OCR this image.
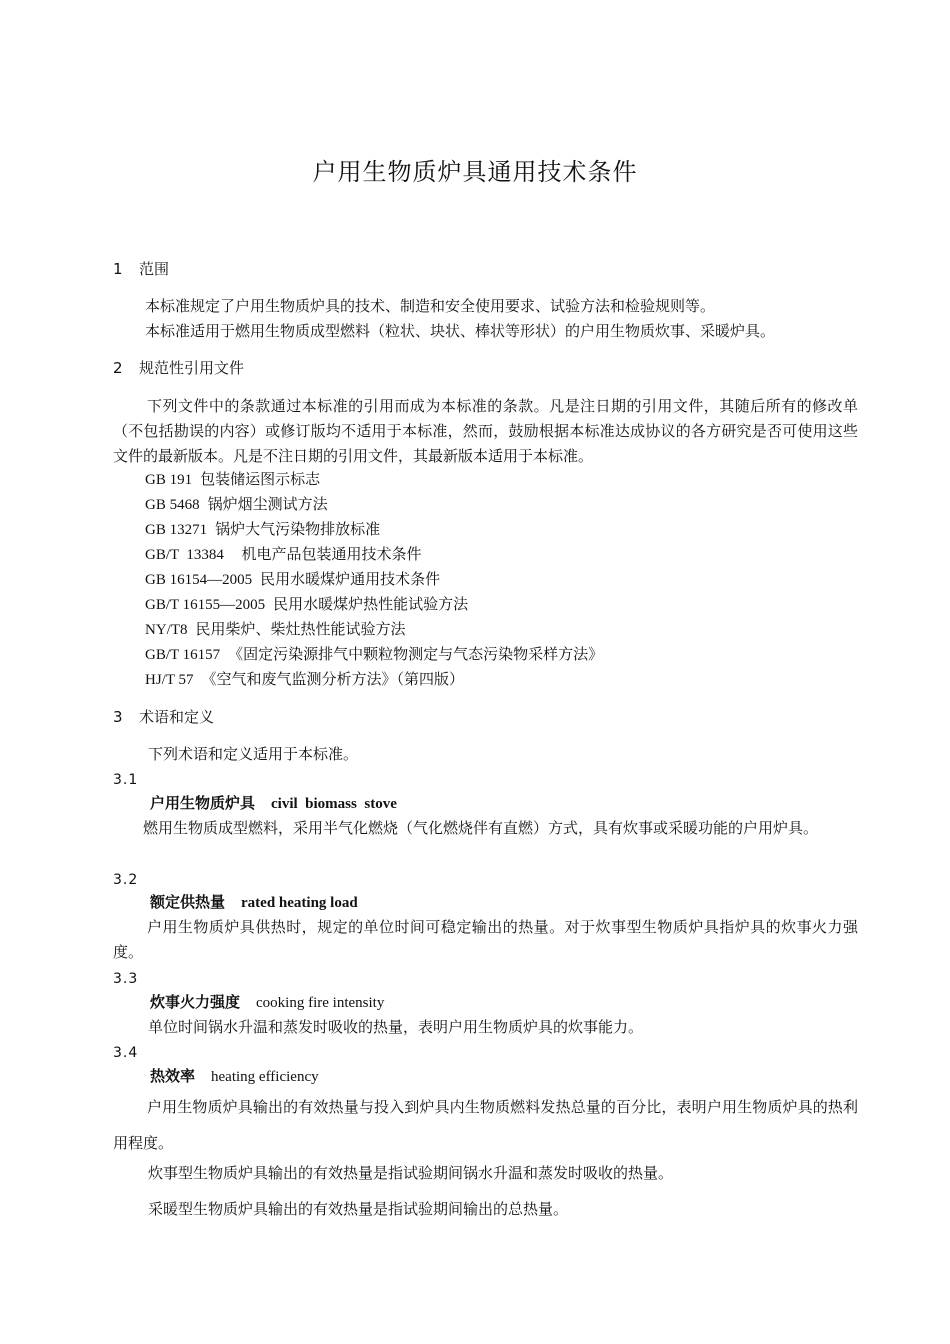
户用生物质炉具通用技术条件
1 范围
本标准规定了户用生物质炉具的技术、制造和安全使用要求、试验方法和检验规则等。
本标准适用于燃用生物质成型燃料（粒状、块状、棒状等形状）的户用生物质炊事、采暖炉具。
2 规范性引用文件
下列文件中的条款通过本标准的引用而成为本标准的条款。凡是注日期的引用文件，其随后所有的修改单（不包括勘误的内容）或修订版均不适用于本标准，然而，鼓励根据本标准达成协议的各方研究是否可使用这些文件的最新版本。凡是不注日期的引用文件，其最新版本适用于本标准。
GB 191 包装储运图示标志
GB 5468 锅炉烟尘测试方法
GB 13271 锅炉大气污染物排放标准
GB/T  13384  机电产品包装通用技术条件
GB 16154—2005 民用水暖煤炉通用技术条件
GB/T 16155—2005 民用水暖煤炉热性能试验方法
NY/T8 民用柴炉、柴灶热性能试验方法
GB/T 16157 《固定污染源排气中颗粒物测定与气态污染物采样方法》
HJ/T 57 《空气和废气监测分析方法》（第四版）
3 术语和定义
下列术语和定义适用于本标准。
3.1
户用生物质炉具 civil  biomass  stove
燃用生物质成型燃料，采用半气化燃烧（气化燃烧伴有直燃）方式，具有炊事或采暖功能的户用炉具。
3.2
额定供热量 rated heating load
户用生物质炉具供热时，规定的单位时间可稳定输出的热量。对于炊事型生物质炉具指炉具的炊事火力强度。
3.3
炊事火力强度 cooking fire intensity
单位时间锅水升温和蒸发时吸收的热量，表明户用生物质炉具的炊事能力。
3.4
热效率 heating efficiency
户用生物质炉具输出的有效热量与投入到炉具内生物质燃料发热总量的百分比，表明户用生物质炉具的热利用程度。
炊事型生物质炉具输出的有效热量是指试验期间锅水升温和蒸发时吸收的热量。
采暖型生物质炉具输出的有效热量是指试验期间输出的总热量。
